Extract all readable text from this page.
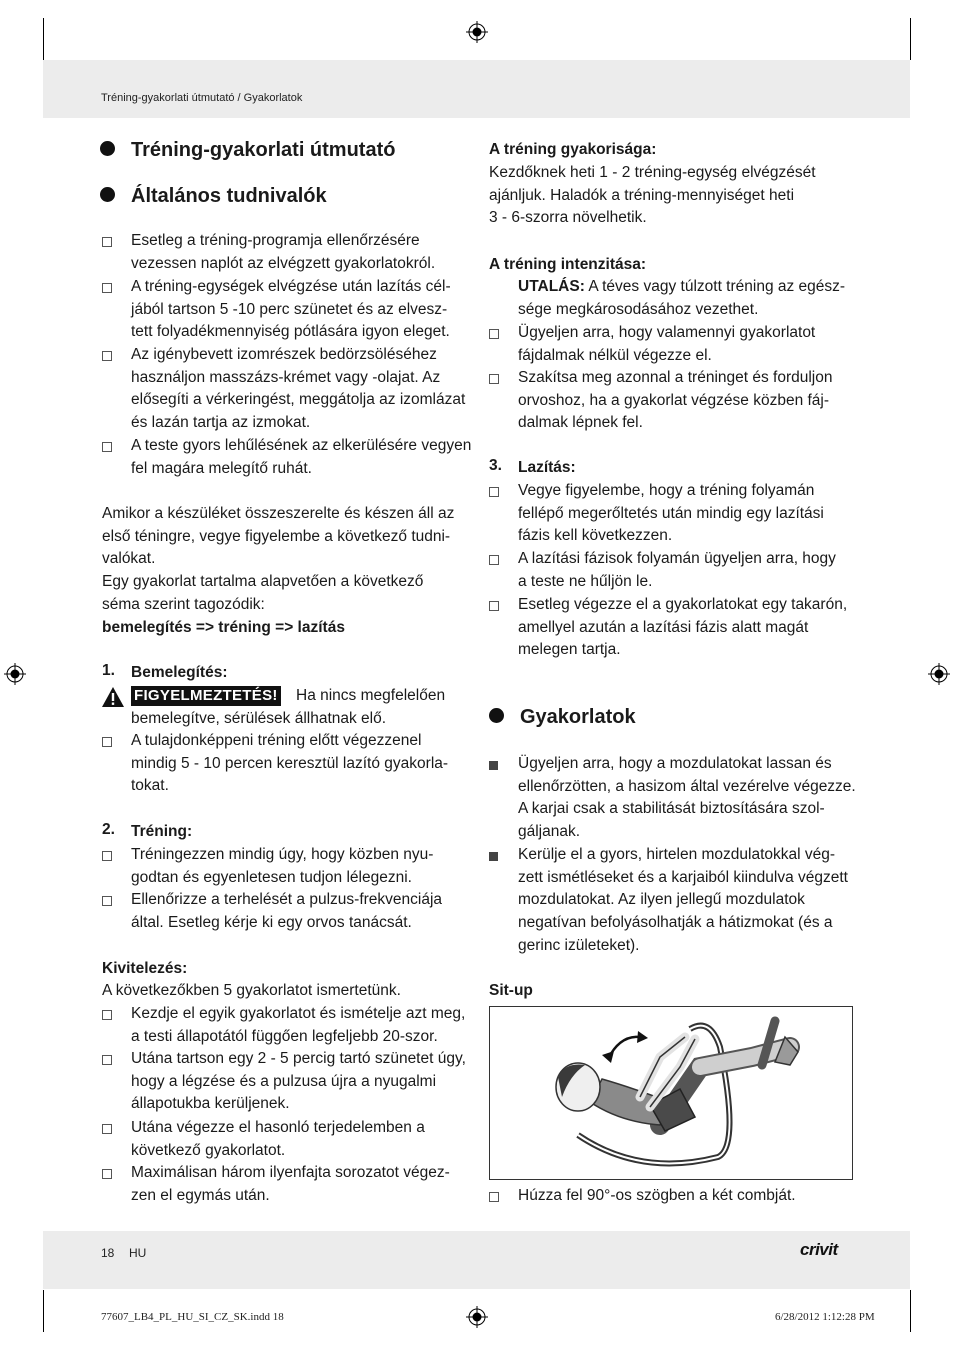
Tréning-gyakorlati útmutató / Gyakorlatok
Tréning-gyakorlati útmutató
Általános tudnivalók
Esetleg a tréning-programja ellenőrzésére
vezessen naplót az elvégzett gyakorlatokról.
A tréning-egységek elvégzése után lazítás cél-
jából tartson 5 -10 perc szünetet és az elvesz-
tett folyadékmennyiség pótlására igyon eleget.
Az igénybevett izomrészek bedörzsöléséhez
használjon masszázs-krémet vagy -olajat. Az
elősegíti a vérkeringést, meggátolja az izomlázat
és lazán tartja az izmokat.
A teste gyors lehűlésének az elkerülésére vegyen
fel magára melegítő ruhát.
Amikor a készüléket összeszerelte és készen áll az
első téningre, vegye figyelembe a következő tudni-
valókat.
Egy gyakorlat tartalma alapvetően a következő
séma szerint tagozódik:
bemelegítés => tréning => lazítás
1. Bemelegítés:
FIGYELMEZTETÉS!	Ha nincs megfelelően
bemelegítve, sérülések állhatnak elő.
A tulajdonképpeni tréning előtt végezzenel
mindig 5 - 10 percen keresztül lazító gyakorla-
tokat.
2. Tréning:
Tréningezzen mindig úgy, hogy közben nyu-
godtan és egyenletesen tudjon lélegezni.
Ellenőrizze a terhelését a pulzus-frekvenciája
által. Esetleg kérje ki egy orvos tanácsát.
Kivitelezés:
A következőkben 5 gyakorlatot ismertetünk.
Kezdje el egyik gyakorlatot és ismételje azt meg,
a testi állapotától függően legfeljebb 20-szor.
Utána tartson egy 2 - 5 percig tartó szünetet úgy,
hogy a légzése és a pulzusa újra a nyugalmi
állapotukba kerüljenek.
Utána végezze el hasonló terjedelemben a
következő gyakorlatot.
Maximálisan három ilyenfajta sorozatot végez-
zen el egymás után.
A tréning gyakorisága:
Kezdőknek heti 1 - 2 tréning-egység elvégzését
ajánljuk. Haladók a tréning-mennyiséget heti
3 - 6-szorra növelhetik.
A tréning intenzitása:
UTALÁS: A téves vagy túlzott tréning az egész-
sége megkárosodásához vezethet.
Ügyeljen arra, hogy valamennyi gyakorlatot
fájdalmak nélkül végezze el.
Szakítsa meg azonnal a tréninget és forduljon
orvoshoz, ha a gyakorlat végzése közben fáj-
dalmak lépnek fel.
3. Lazítás:
Vegye figyelembe, hogy a tréning folyamán
fellépő megerőltetés után mindig egy lazítási
fázis kell következzen.
A lazítási fázisok folyamán ügyeljen arra, hogy
a teste ne hűljön le.
Esetleg végezze el a gyakorlatokat egy takarón,
amellyel azután a lazítási fázis alatt magát
melegen tartja.
Gyakorlatok
Ügyeljen arra, hogy a mozdulatokat lassan és
ellenőrzötten, a hasizom által vezérelve végezze.
A karjai csak a stabilitását biztosítására szol-
gáljanak.
Kerülje el a gyors, hirtelen mozdulatokkal vég-
zett ismétléseket és a karjaiból kiindulva végzett
mozdulatokat. Az ilyen jellegű mozdulatok
negatívan befolyásolhatják a hátizmokat (és a
gerinc izületeket).
Sit-up
Húzza fel 90°-os szögben a két combját.
18 HU	crivit
77607_LB4_PL_HU_SI_CZ_SK.indd 18	6/28/2012 1:12:28 PM
